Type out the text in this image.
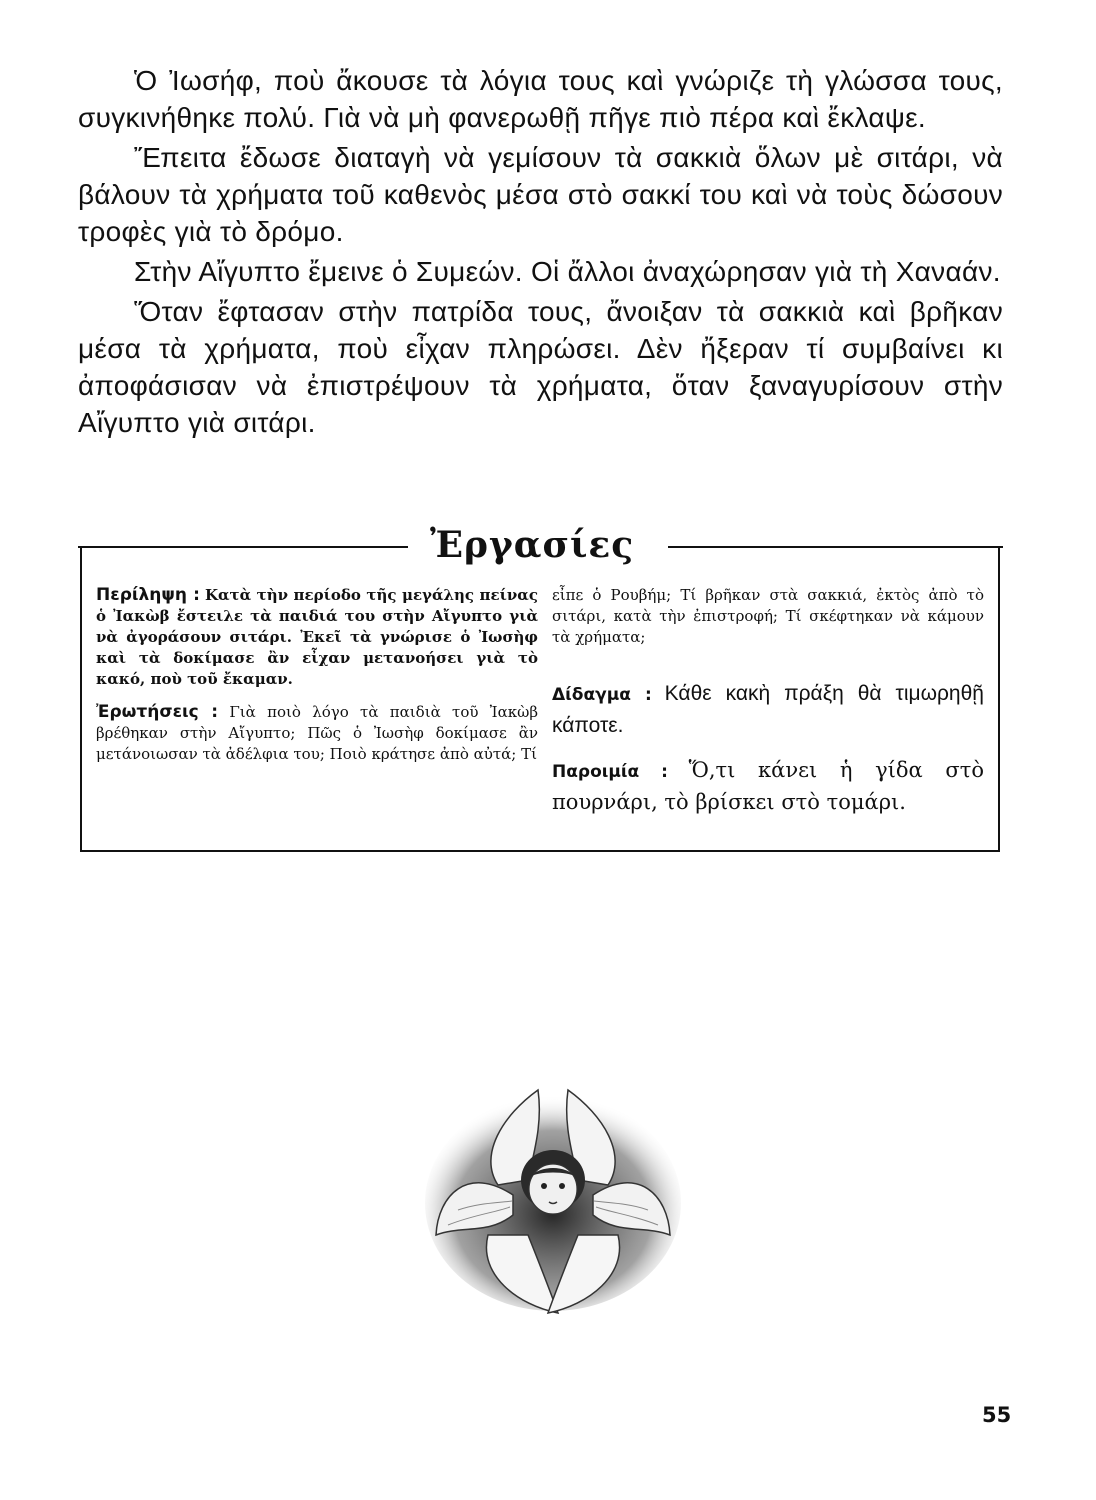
Ὁ Ἰωσήφ, ποὺ ἄκουσε τὰ λόγια τους καὶ γνώριζε τὴ γλώσσα τους, συγκινήθηκε πολύ. Γιὰ νὰ μὴ φανερωθῇ πῆγε πιὸ πέρα καὶ ἔκλαψε.

Ἔπειτα ἔδωσε διαταγὴ νὰ γεμίσουν τὰ σακκιὰ ὅλων μὲ σιτάρι, νὰ βάλουν τὰ χρήματα τοῦ καθενὸς μέσα στὸ σακκί του καὶ νὰ τοὺς δώσουν τροφὲς γιὰ τὸ δρόμο.

Στὴν Αἴγυπτο ἔμεινε ὁ Συμεών. Οἱ ἄλλοι ἀναχώρησαν γιὰ τὴ Χαναάν.

Ὅταν ἔφτασαν στὴν πατρίδα τους, ἄνοιξαν τὰ σακκιὰ καὶ βρῆκαν μέσα τὰ χρήματα, ποὺ εἶχαν πληρώσει. Δὲν ἤξεραν τί συμβαίνει κι ἀποφάσισαν νὰ ἐπιστρέψουν τὰ χρήματα, ὅταν ξαναγυρίσουν στὴν Αἴγυπτο γιὰ σιτάρι.

Ἐργασίες

Περίληψη : Κατὰ τὴν περίοδο τῆς μεγάλης πείνας ὁ Ἰακὼβ ἔστειλε τὰ παιδιά του στὴν Αἴγυπτο γιὰ νὰ ἀγοράσουν σιτάρι. Ἐκεῖ τὰ γνώρισε ὁ Ἰωσὴφ καὶ τὰ δοκίμασε ἂν εἶχαν μετανοήσει γιὰ τὸ κακό, ποὺ τοῦ ἔκαμαν.

Ἐρωτήσεις : Γιὰ ποιὸ λόγο τὰ παιδιὰ τοῦ Ἰακὼβ βρέθηκαν στὴν Αἴγυπτο; Πῶς ὁ Ἰωσὴφ δοκίμασε ἂν μετάνοιωσαν τὰ ἀδέλφια του; Ποιὸ κράτησε ἀπὸ αὐτά; Τί

εἶπε ὁ Ρουβήμ; Τί βρῆκαν στὰ σακκιά, ἐκτὸς ἀπὸ τὸ σιτάρι, κατὰ τὴν ἐπιστροφή; Τί σκέφτηκαν νὰ κάμουν τὰ χρήματα;

Δίδαγμα : Κάθε κακὴ πράξη θὰ τιμωρηθῇ κάποτε.

Παροιμία : Ὅ,τι κάνει ἡ γίδα στὸ πουρνάρι, τὸ βρίσκει στὸ τομάρι.

55
